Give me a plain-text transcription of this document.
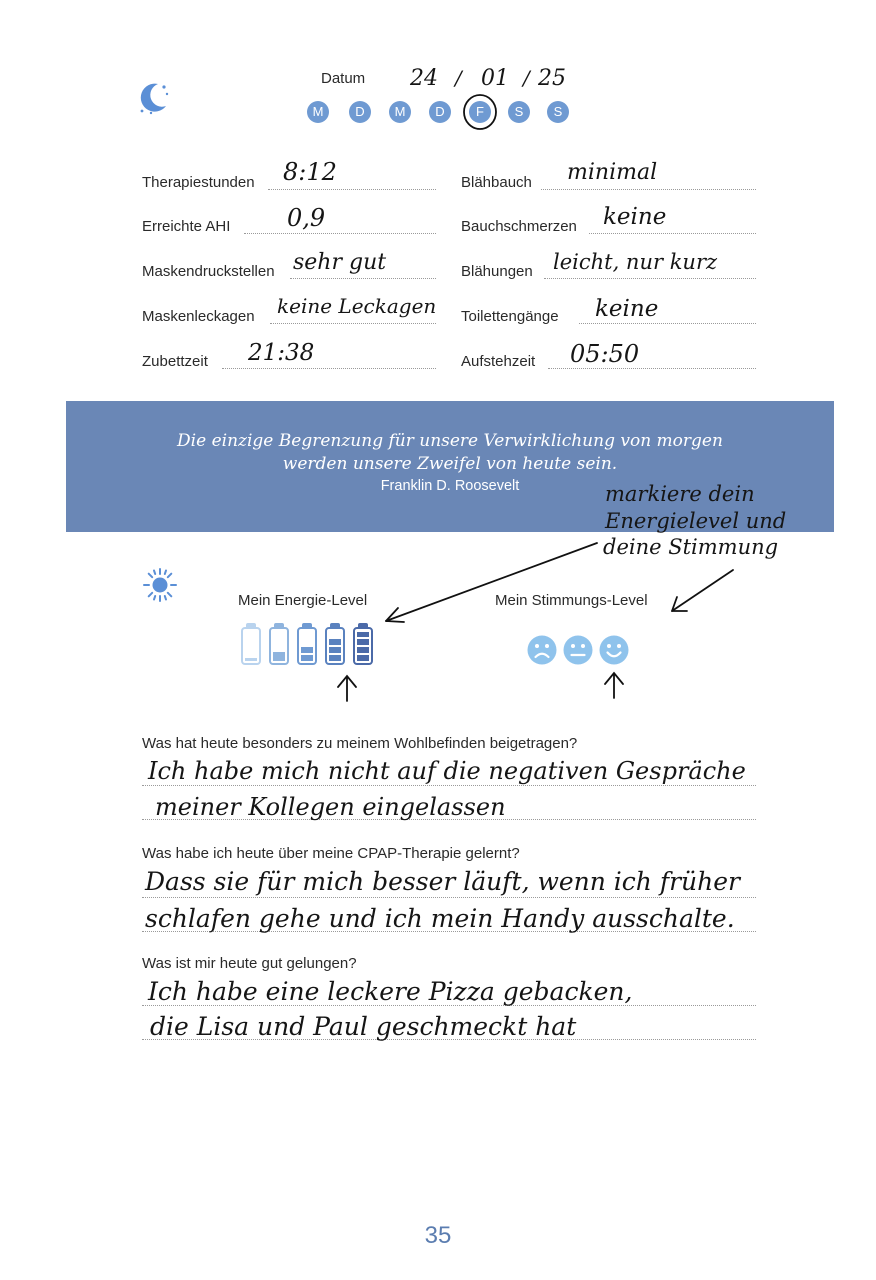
Datum 24 / 01 / 25
M	D	M	D	F	S	S
Therapiestunden 8:12
Erreichte AHI 0,9
Maskendruckstellen sehr gut
Maskenleckagen keine Leckagen
Zubettzeit 21:38
Blähbauch minimal
Bauchschmerzen keine
Blähungen leicht, nur kurz
Toilettengänge keine
Aufstehzeit 05:50
Die einzige Begrenzung für unsere Verwirklichung von morgen
werden unsere Zweifel von heute sein.
Franklin D. Roosevelt	markiere dein
Energielevel und
deine Stimmung
Mein Energie-Level	Mein Stimmungs-Level
Was hat heute besonders zu meinem Wohlbefinden beigetragen?
Ich habe mich nicht auf die negativen Gespräche
meiner Kollegen eingelassen
Was habe ich heute über meine CPAP-Therapie gelernt?
Dass sie für mich besser läuft, wenn ich früher
schlafen gehe und ich mein Handy ausschalte.
Was ist mir heute gut gelungen?
Ich habe eine leckere Pizza gebacken,
die Lisa und Paul geschmeckt hat
35
